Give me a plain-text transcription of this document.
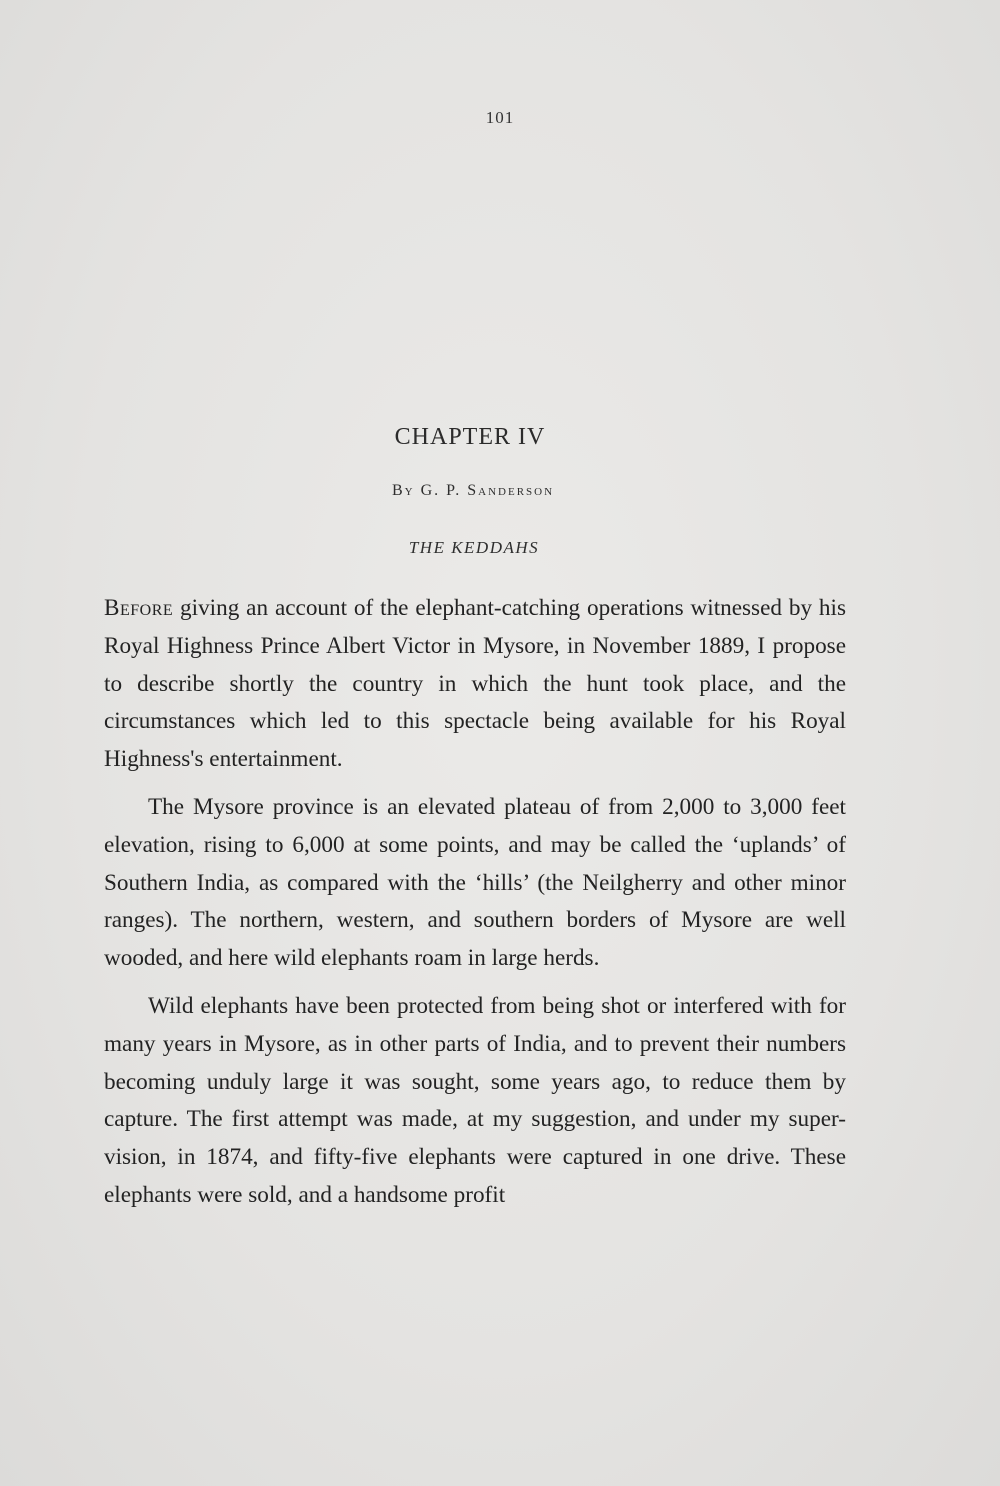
101
CHAPTER IV
By G. P. Sanderson
THE KEDDAHS

Before giving an account of the elephant-catching operations witnessed by his Royal Highness Prince Albert Victor in Mysore, in November 1889, I propose to describe shortly the country in which the hunt took place, and the circumstances which led to this spectacle being available for his Royal Highness's entertainment.

The Mysore province is an elevated plateau of from 2,000 to 3,000 feet elevation, rising to 6,000 at some points, and may be called the ‘uplands’ of Southern India, as compared with the ‘hills’ (the Neilgherry and other minor ranges). The northern, western, and southern borders of Mysore are well wooded, and here wild elephants roam in large herds.

Wild elephants have been protected from being shot or interfered with for many years in Mysore, as in other parts of India, and to prevent their numbers becoming unduly large it was sought, some years ago, to reduce them by capture. The first attempt was made, at my suggestion, and under my super-vision, in 1874, and fifty-five elephants were captured in one drive. These elephants were sold, and a handsome profit
